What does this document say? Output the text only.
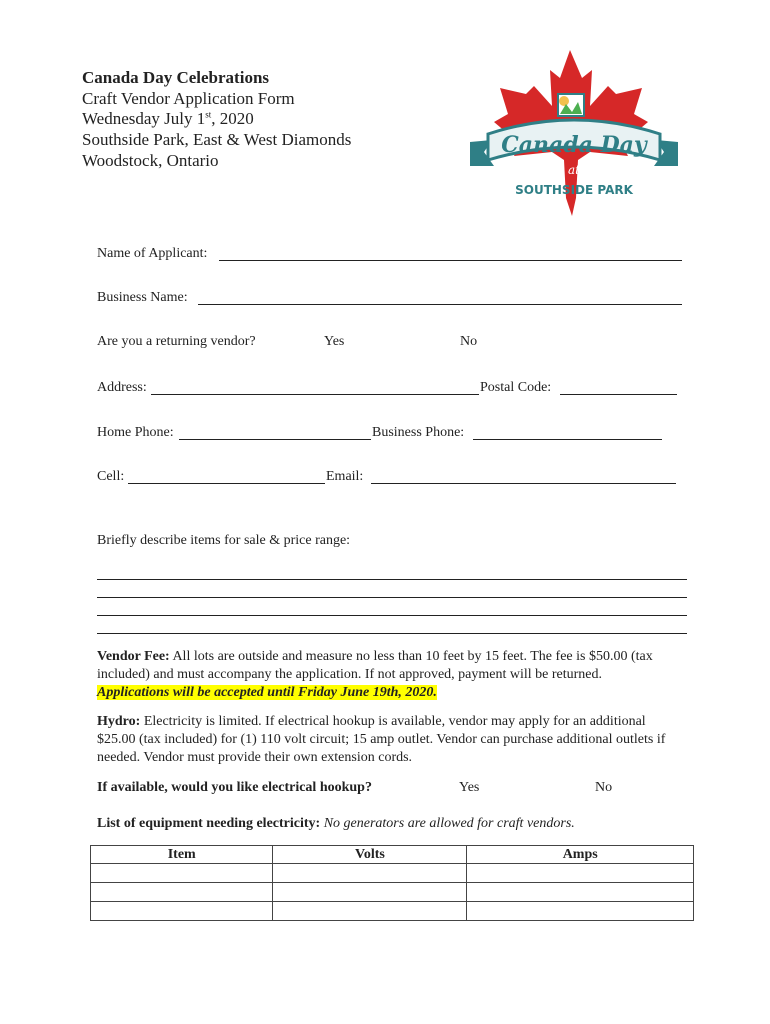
Canada Day Celebrations
Craft Vendor Application Form
Wednesday July 1st, 2020
Southside Park, East & West Diamonds
Woodstock, Ontario
Canada Day
at
SOUTHSIDE PARK
Name of Applicant:
Business Name:
Are you a returning vendor?	Yes	No
Address:	Postal Code:
Home Phone:	Business Phone:
Cell:	Email:
Briefly describe items for sale & price range:
Vendor Fee: All lots are outside and measure no less than 10 feet by 15 feet. The fee is $50.00 (tax included) and must accompany the application. If not approved, payment will be returned.
Applications will be accepted until Friday June 19th, 2020.
Hydro: Electricity is limited. If electrical hookup is available, vendor may apply for an additional $25.00 (tax included) for (1) 110 volt circuit; 15 amp outlet. Vendor can purchase additional outlets if needed. Vendor must provide their own extension cords.
If available, would you like electrical hookup?	Yes	No
List of equipment needing electricity: No generators are allowed for craft vendors.
Item	Volts	Amps
